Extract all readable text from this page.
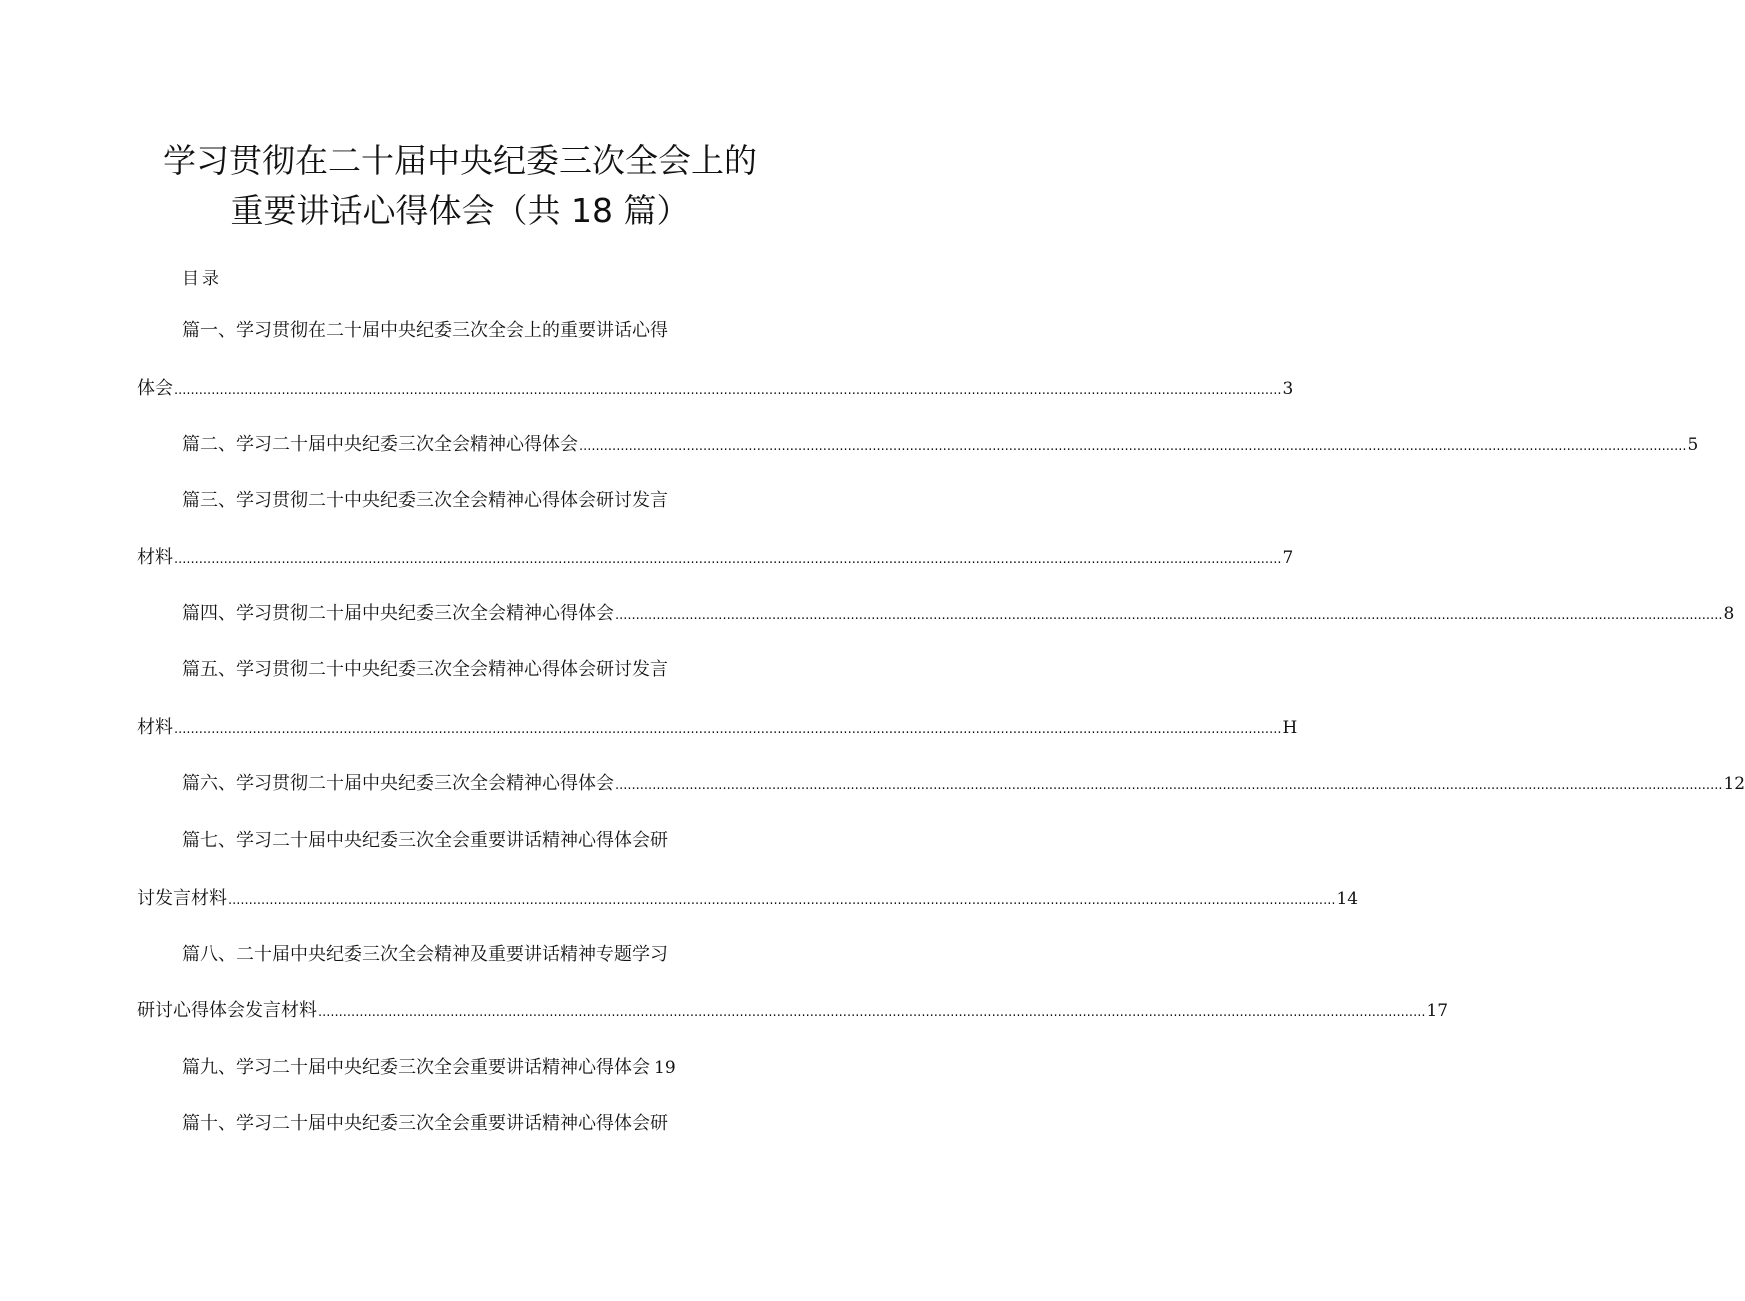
学习贯彻在二十届中央纪委三次全会上的
重要讲话心得体会（共 18 篇）
目录
篇一、学习贯彻在二十届中央纪委三次全会上的重要讲话心得
体会 ............................................................................................................................................................................................................................................................................ 3
篇二、学习二十届中央纪委三次全会精神心得体会 ............................................................................................................................................................................................................................................................................ 5
篇三、学习贯彻二十中央纪委三次全会精神心得体会研讨发言
材料 ............................................................................................................................................................................................................................................................................ 7
篇四、学习贯彻二十届中央纪委三次全会精神心得体会 ............................................................................................................................................................................................................................................................................ 8
篇五、学习贯彻二十中央纪委三次全会精神心得体会研讨发言
材料 ............................................................................................................................................................................................................................................................................ H
篇六、学习贯彻二十届中央纪委三次全会精神心得体会 ............................................................................................................................................................................................................................................................................ 12
篇七、学习二十届中央纪委三次全会重要讲话精神心得体会研
讨发言材料 ............................................................................................................................................................................................................................................................................ 14
篇八、二十届中央纪委三次全会精神及重要讲话精神专题学习
研讨心得体会发言材料 ............................................................................................................................................................................................................................................................................ 17
篇九、学习二十届中央纪委三次全会重要讲话精神心得体会 19
篇十、学习二十届中央纪委三次全会重要讲话精神心得体会研
